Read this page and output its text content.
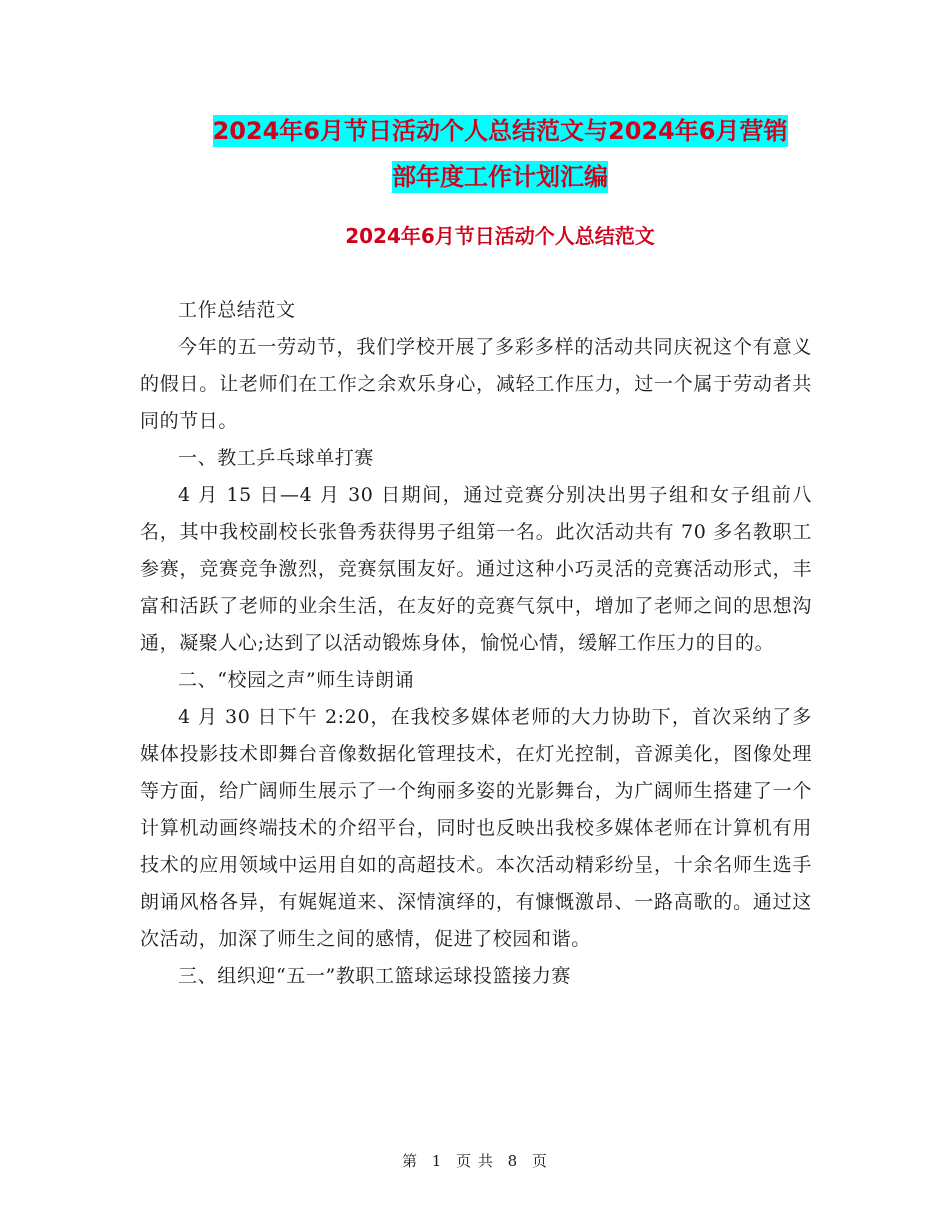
2024年6月节日活动个人总结范文与2024年6月营销
部年度工作计划汇编
2024年6月节日活动个人总结范文

工作总结范文

今年的五一劳动节，我们学校开展了多彩多样的活动共同庆祝这个有意义的假日。让老师们在工作之余欢乐身心，减轻工作压力，过一个属于劳动者共同的节日。

一、教工乒乓球单打赛

4 月 15 日—4 月 30 日期间，通过竞赛分别决出男子组和女子组前八名，其中我校副校长张鲁秀获得男子组第一名。此次活动共有 70 多名教职工参赛，竞赛竞争激烈，竞赛氛围友好。通过这种小巧灵活的竞赛活动形式，丰富和活跃了老师的业余生活，在友好的竞赛气氛中，增加了老师之间的思想沟通，凝聚人心;达到了以活动锻炼身体，愉悦心情，缓解工作压力的目的。

二、“校园之声”师生诗朗诵

4 月 30 日下午 2:20，在我校多媒体老师的大力协助下，首次采纳了多媒体投影技术即舞台音像数据化管理技术，在灯光控制，音源美化，图像处理等方面，给广阔师生展示了一个绚丽多姿的光影舞台，为广阔师生搭建了一个计算机动画终端技术的介绍平台，同时也反映出我校多媒体老师在计算机有用技术的应用领域中运用自如的高超技术。本次活动精彩纷呈，十余名师生选手朗诵风格各异，有娓娓道来、深情演绎的，有慷慨激昂、一路高歌的。通过这次活动，加深了师生之间的感情，促进了校园和谐。

三、组织迎“五一”教职工篮球运球投篮接力赛

第 1 页 共 8 页
